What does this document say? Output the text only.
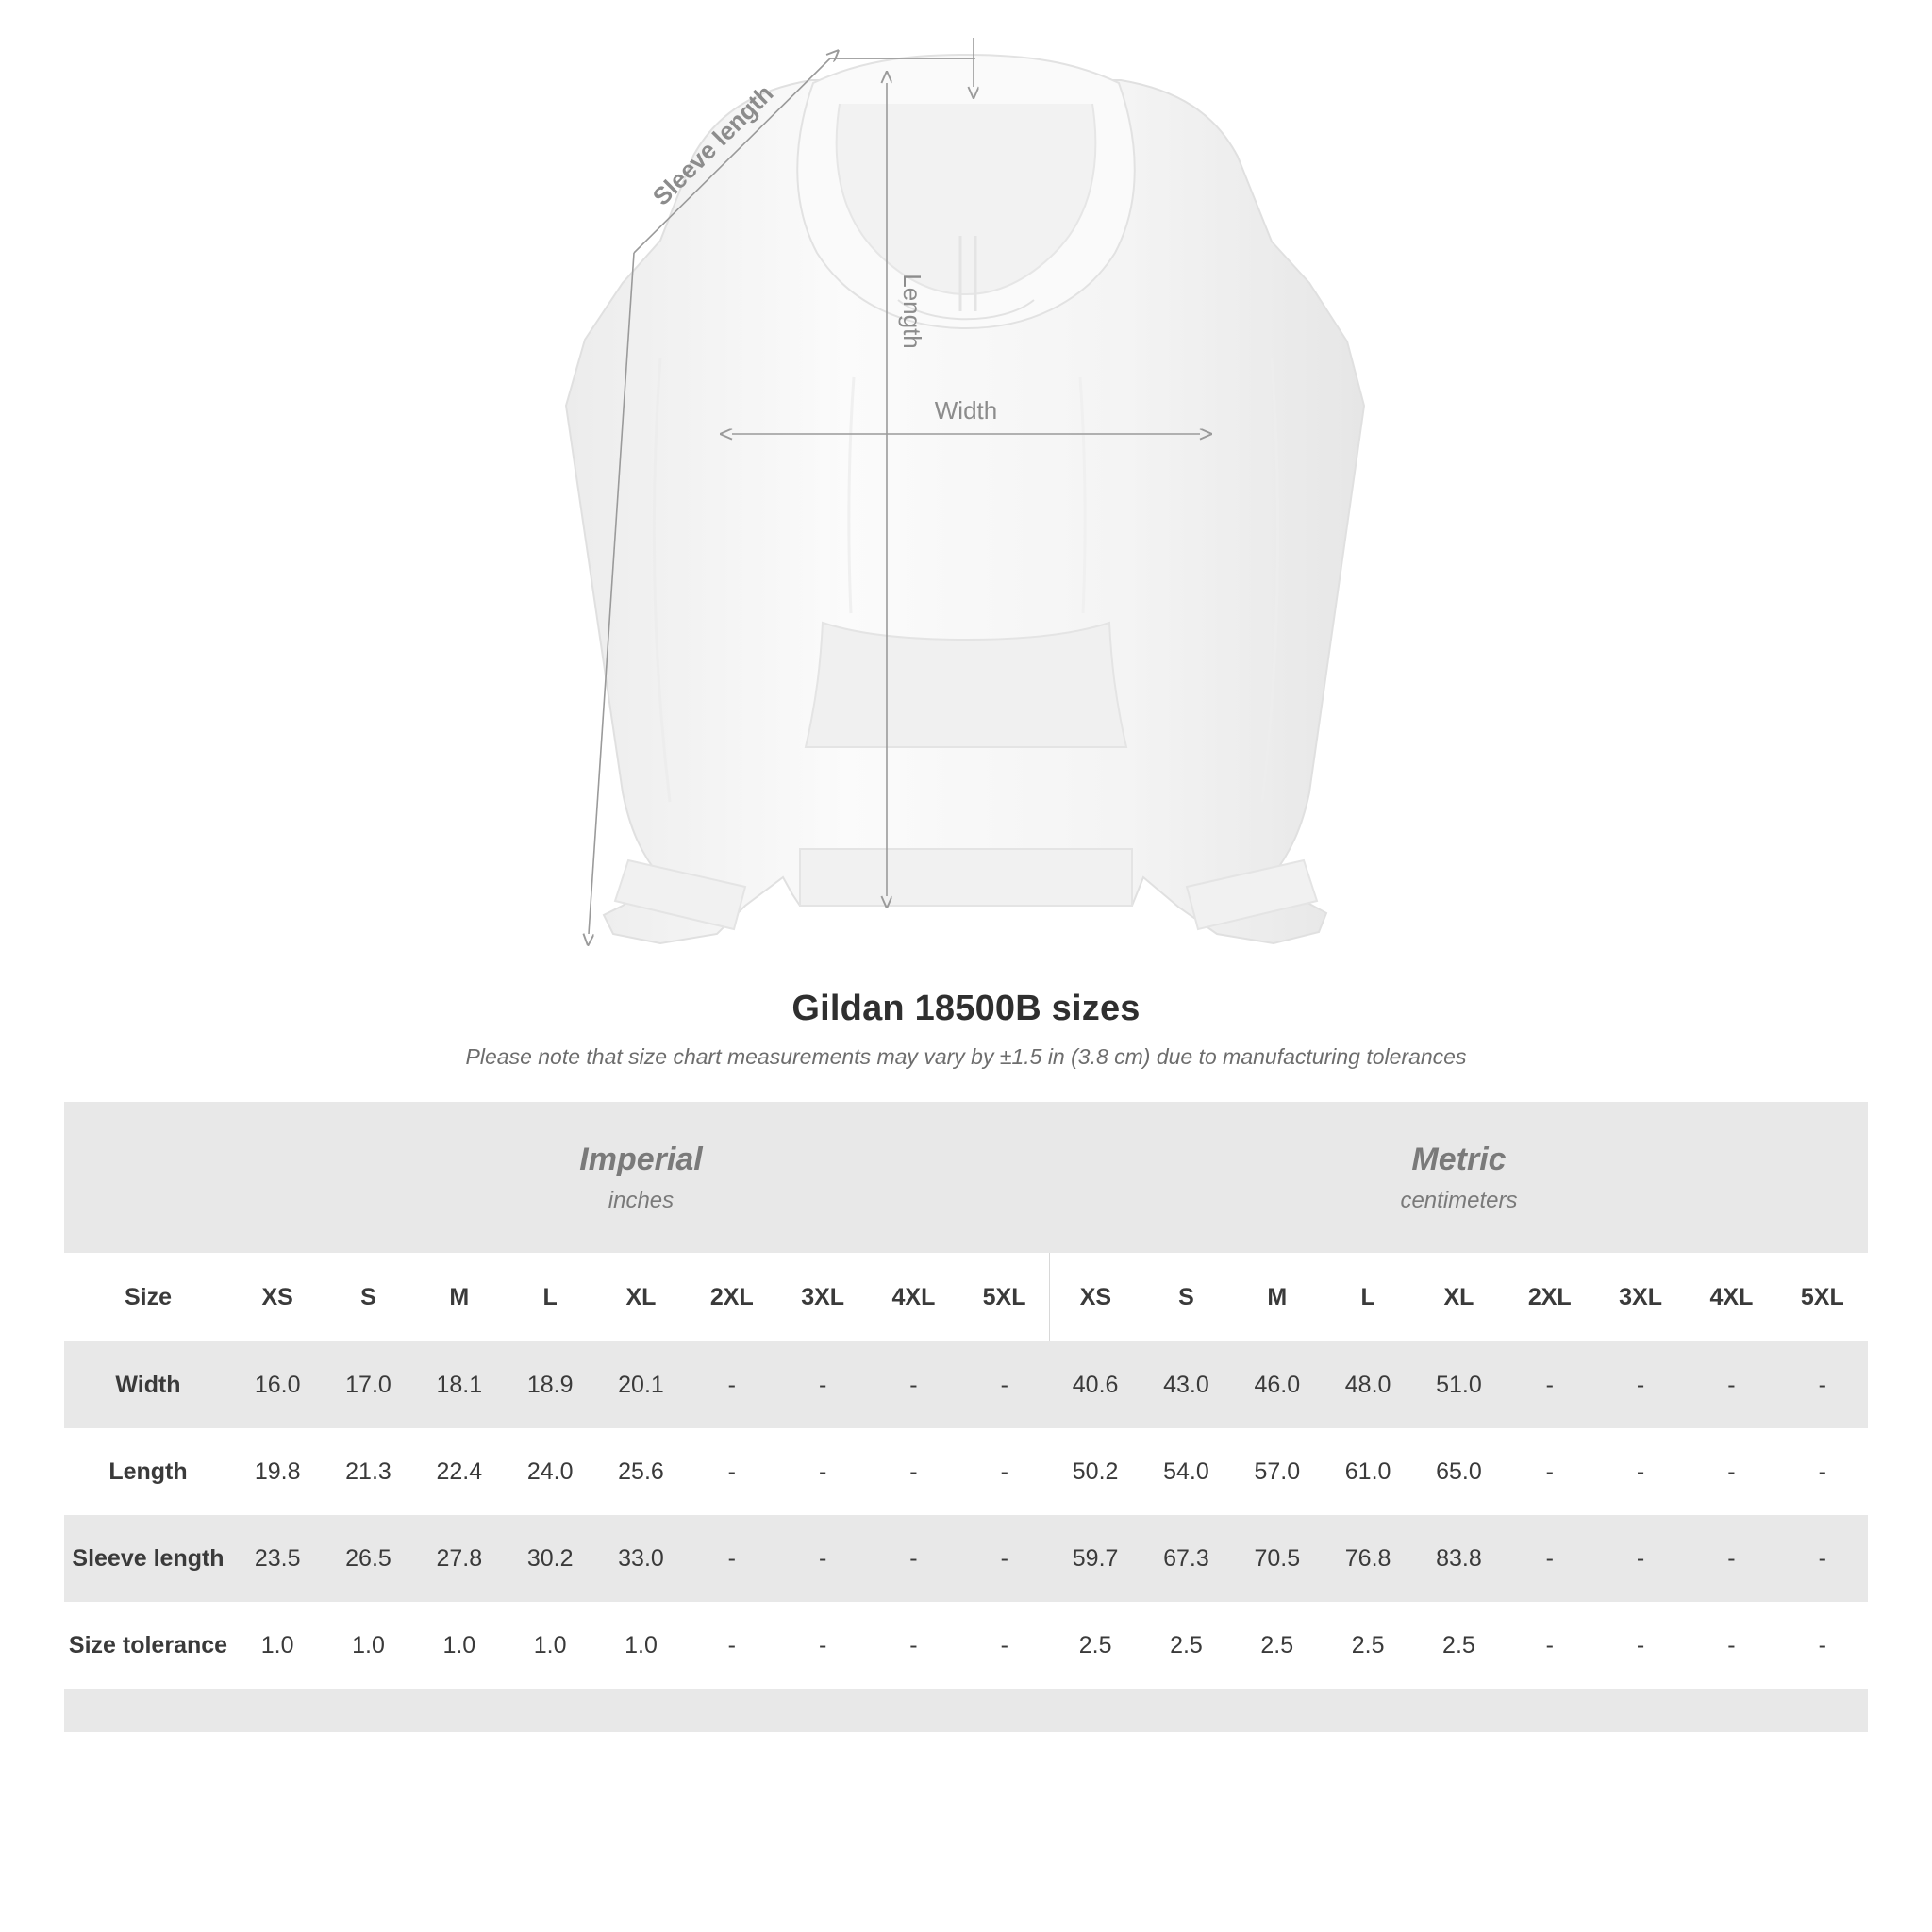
Width
Length
Sleeve length
Gildan 18500B sizes
Please note that size chart measurements may vary by ±1.5 in (3.8 cm) due to manufacturing tolerances

Imperial
inches

Metric
centimeters

Size	XS	S	M	L	XL	2XL	3XL	4XL	5XL	XS	S	M	L	XL	2XL	3XL	4XL	5XL
Width	16.0	17.0	18.1	18.9	20.1	-	-	-	-	40.6	43.0	46.0	48.0	51.0	-	-	-	-
Length	19.8	21.3	22.4	24.0	25.6	-	-	-	-	50.2	54.0	57.0	61.0	65.0	-	-	-	-
Sleeve length	23.5	26.5	27.8	30.2	33.0	-	-	-	-	59.7	67.3	70.5	76.8	83.8	-	-	-	-
Size tolerance	1.0	1.0	1.0	1.0	1.0	-	-	-	-	2.5	2.5	2.5	2.5	2.5	-	-	-	-
